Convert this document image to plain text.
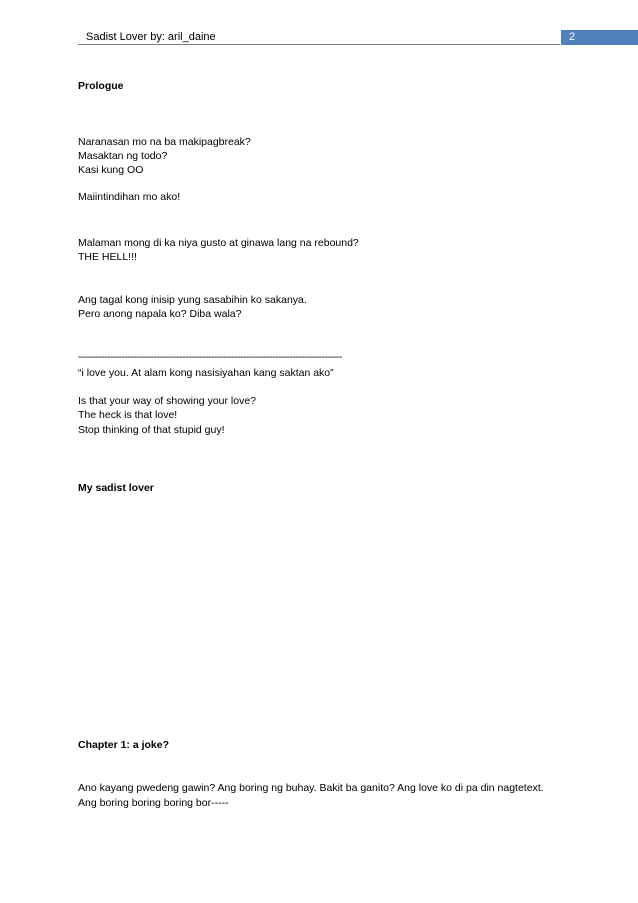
Sadist Lover by: aril_daine	2
Prologue
Naranasan mo na ba makipagbreak?
Masaktan ng todo?
Kasi kung OO
Maiintindihan mo ako!
Malaman mong di ka niya gusto at ginawa lang na rebound?
THE HELL!!!
Ang tagal kong inisip yung sasabihin ko sakanya.
Pero anong napala ko? Diba wala?
-------------------------------------------------------------------------------------------
“i love you. At alam kong nasisiyahan kang saktan ako”
Is that your way of showing your love?
The heck is that love!
Stop thinking of that stupid guy!
My sadist lover
Chapter 1: a joke?
Ano kayang pwedeng gawin? Ang boring ng buhay. Bakit ba ganito? Ang love ko di pa din nagtetext.
Ang boring boring boring bor-----
